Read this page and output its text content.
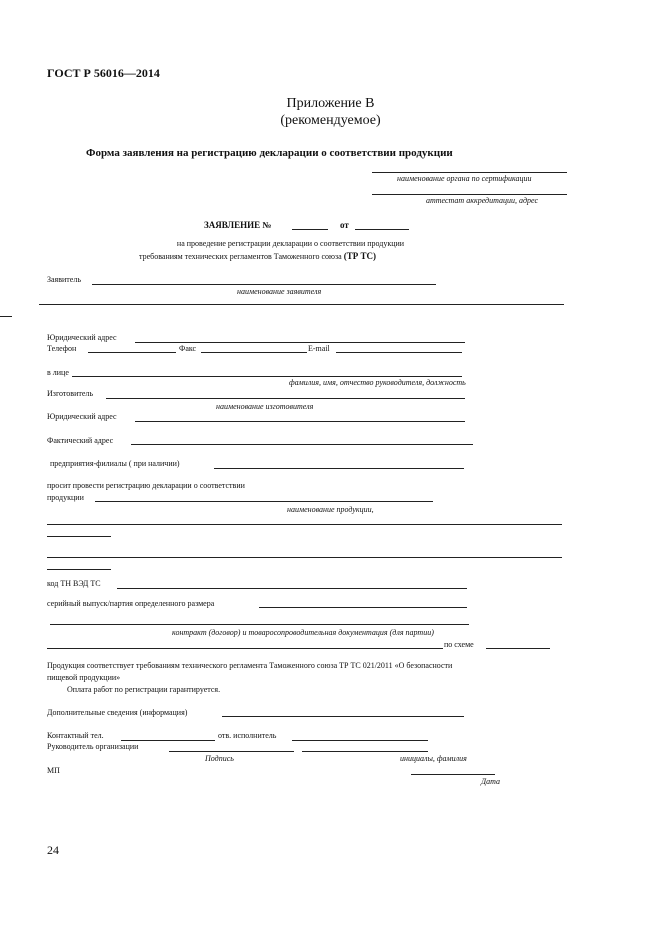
ГОСТ Р 56016—2014
Приложение В
(рекомендуемое)
Форма заявления на регистрацию декларации о соответствии продукции
наименование органа по сертификации
аттестат аккредитации, адрес
ЗАЯВЛЕНИЕ №	от
на проведение регистрации декларации о соответствии продукции
требованиям технических регламентов Таможенного союза (ТР ТС)
Заявитель
наименование заявителя
Юридический адрес
Телефон	Факс	E-mail
в лице
фамилия, имя, отчество руководителя, должность
Изготовитель
наименование изготовителя
Юридический адрес
Фактический адрес
предприятия-филиалы ( при наличии)
просит провести регистрацию декларации о соответствии
продукции
наименование продукции,
код ТН ВЭД ТС
серийный выпуск/партия определенного размера
контракт (договор) и товаросопроводительная документация (для партии)
по схеме
Продукция соответствует требованиям технического регламента Таможенного союза ТР ТС 021/2011 «О безопасности
пищевой продукции»
Оплата работ по регистрации гарантируется.
Дополнительные сведения (информация)
Контактный тел.	отв. исполнитель
Руководитель организации
Подпись	инициалы, фамилия
МП
Дата
24
